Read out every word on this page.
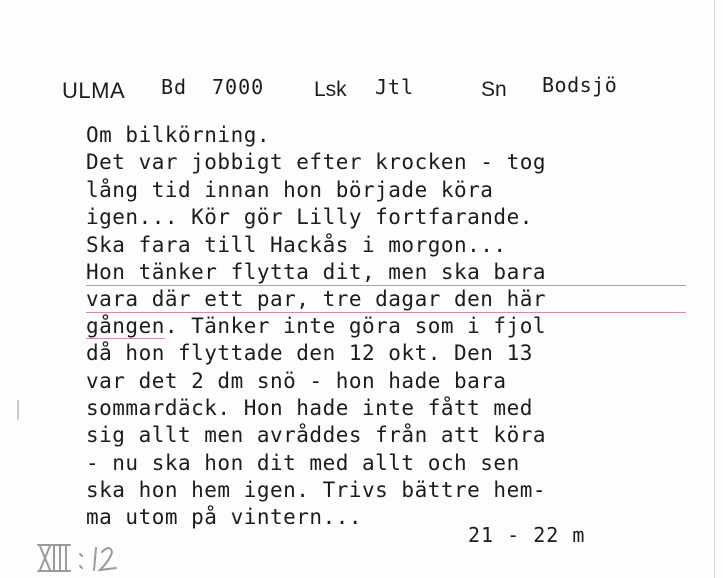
ULMA Bd 7000 Lsk Jtl	Sn Bodsjö
Om bilkörning.
Det var jobbigt efter krocken - tog
lång tid innan hon började köra
igen... Kör gör Lilly fortfarande.
Ska fara till Hackås i morgon...
Hon tänker flytta dit, men ska bara
vara där ett par, tre dagar den här
gången. Tänker inte göra som i fjol
då hon flyttade den 12 okt. Den 13
var det 2 dm snö - hon hade bara
sommardäck. Hon hade inte fått med
sig allt men avråddes från att köra
- nu ska hon dit med allt och sen
ska hon hem igen. Trivs bättre hem-
ma utom på vintern...
21 - 22 m
